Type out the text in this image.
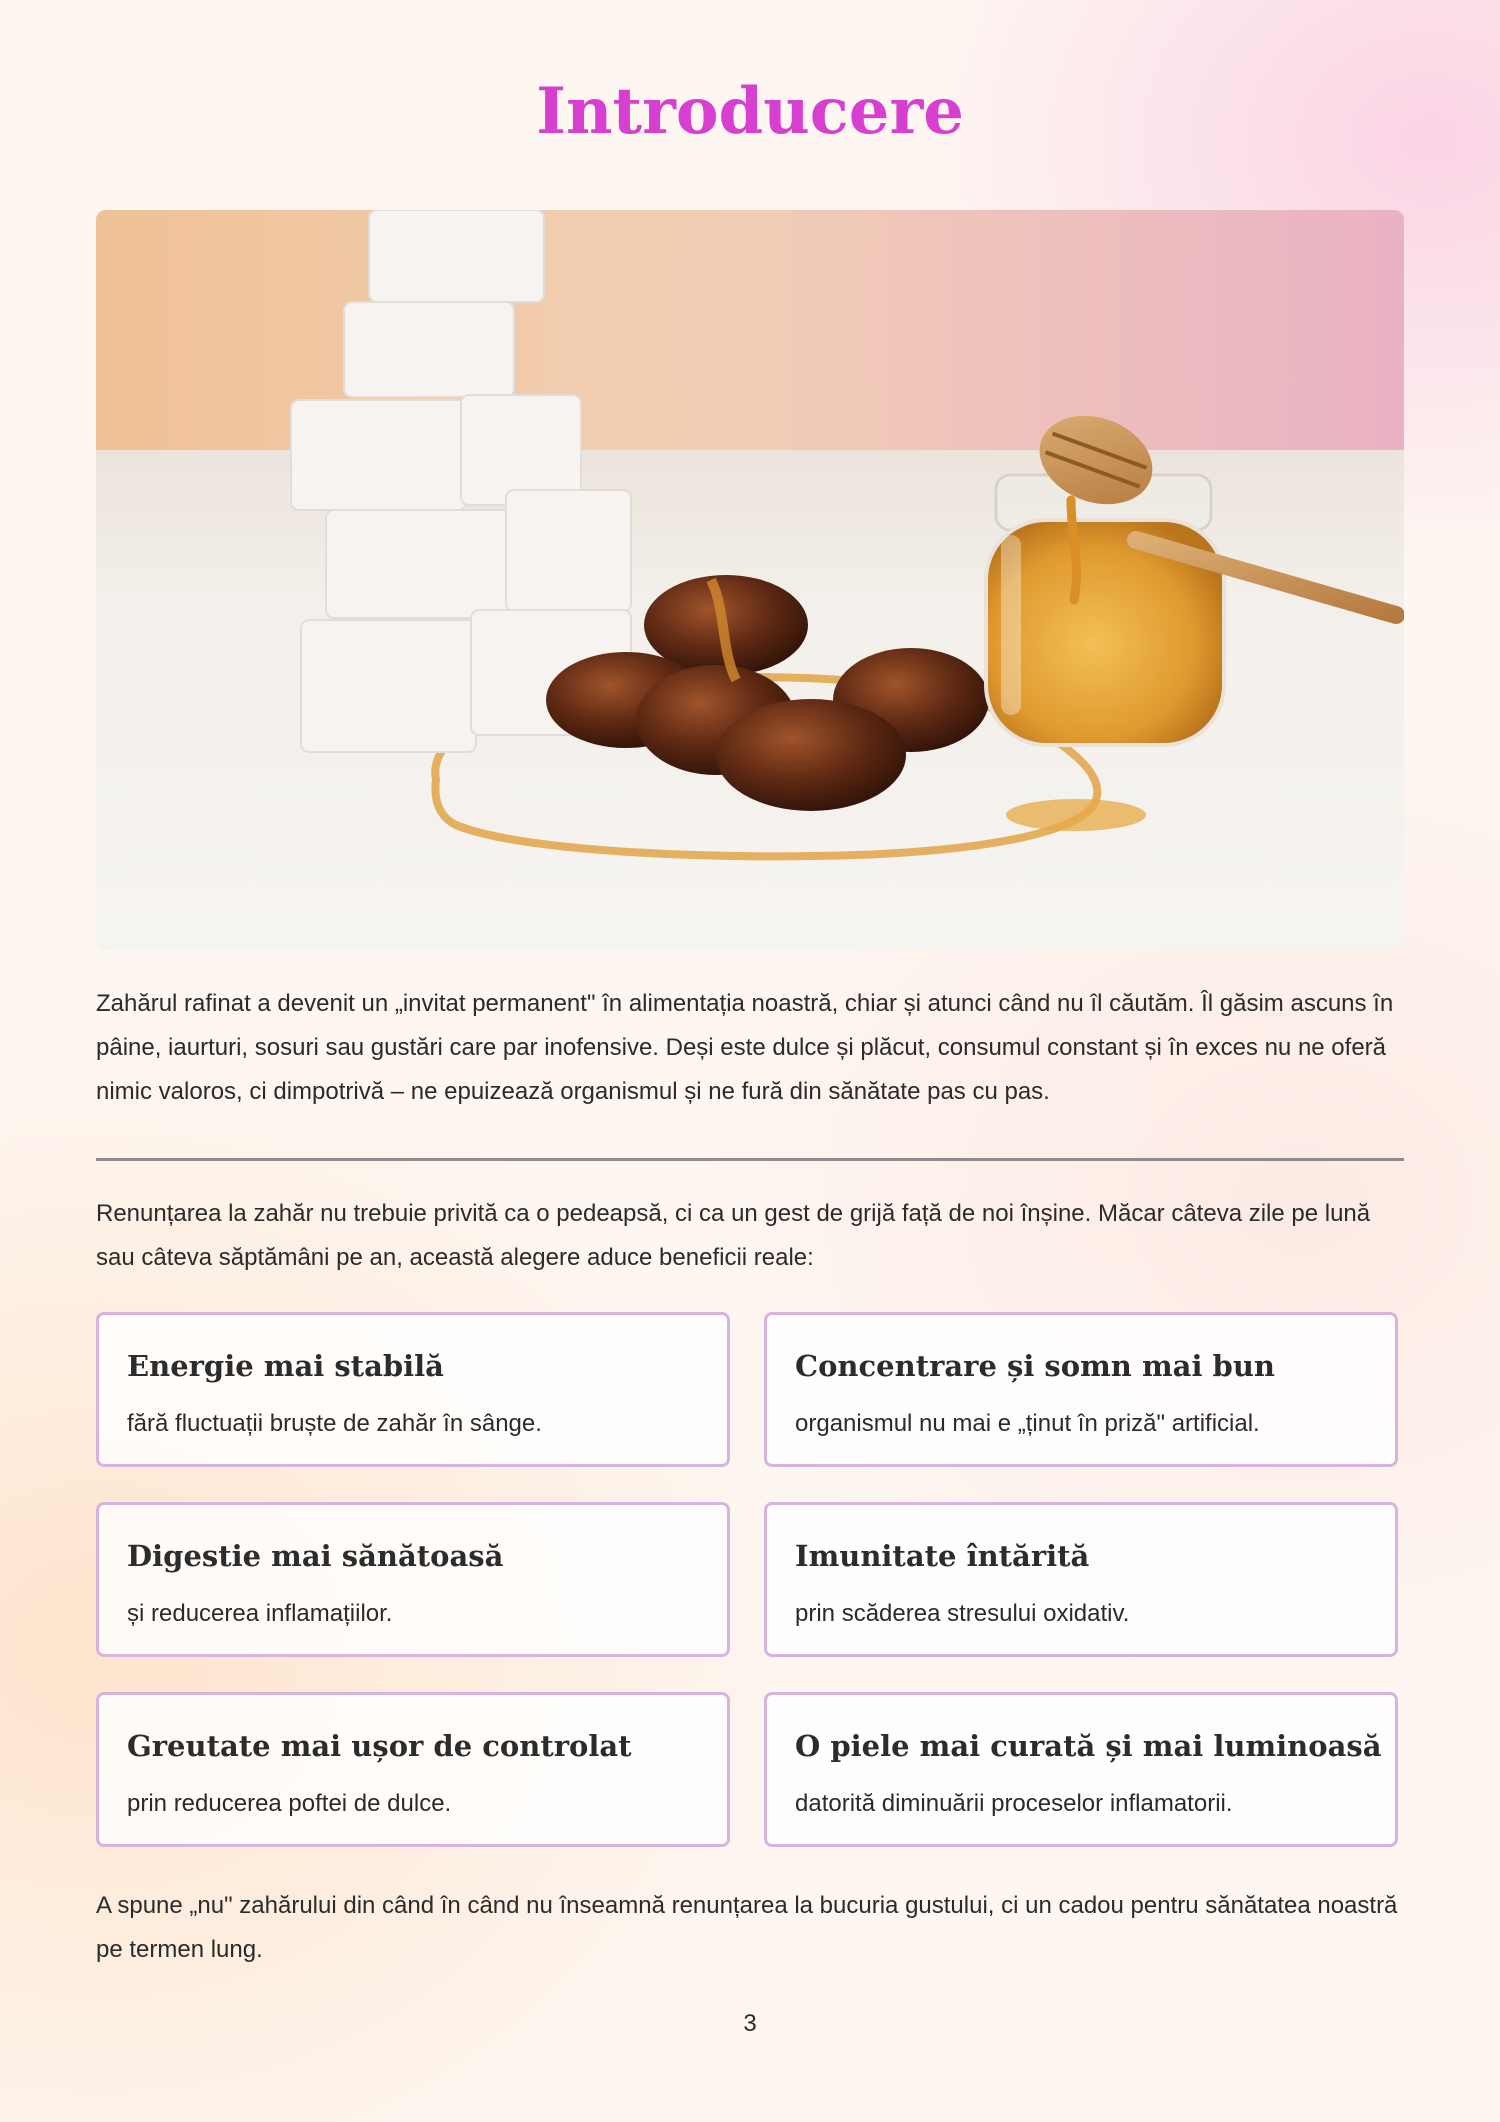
Introducere

Zahărul rafinat a devenit un „invitat permanent" în alimentația noastră, chiar și atunci când nu îl căutăm. Îl găsim ascuns în pâine, iaurturi, sosuri sau gustări care par inofensive. Deși este dulce și plăcut, consumul constant și în exces nu ne oferă nimic valoros, ci dimpotrivă – ne epuizează organismul și ne fură din sănătate pas cu pas.

Renunțarea la zahăr nu trebuie privită ca o pedeapsă, ci ca un gest de grijă față de noi înșine. Măcar câteva zile pe lună sau câteva săptămâni pe an, această alegere aduce beneficii reale:

Energie mai stabilă

fără fluctuații bruște de zahăr în sânge.

Concentrare și somn mai bun

organismul nu mai e „ținut în priză" artificial.

Digestie mai sănătoasă

și reducerea inflamațiilor.

Imunitate întărită

prin scăderea stresului oxidativ.

Greutate mai ușor de controlat

prin reducerea poftei de dulce.

O piele mai curată și mai luminoasă

datorită diminuării proceselor inflamatorii.

A spune „nu" zahărului din când în când nu înseamnă renunțarea la bucuria gustului, ci un cadou pentru sănătatea noastră pe termen lung.

3
